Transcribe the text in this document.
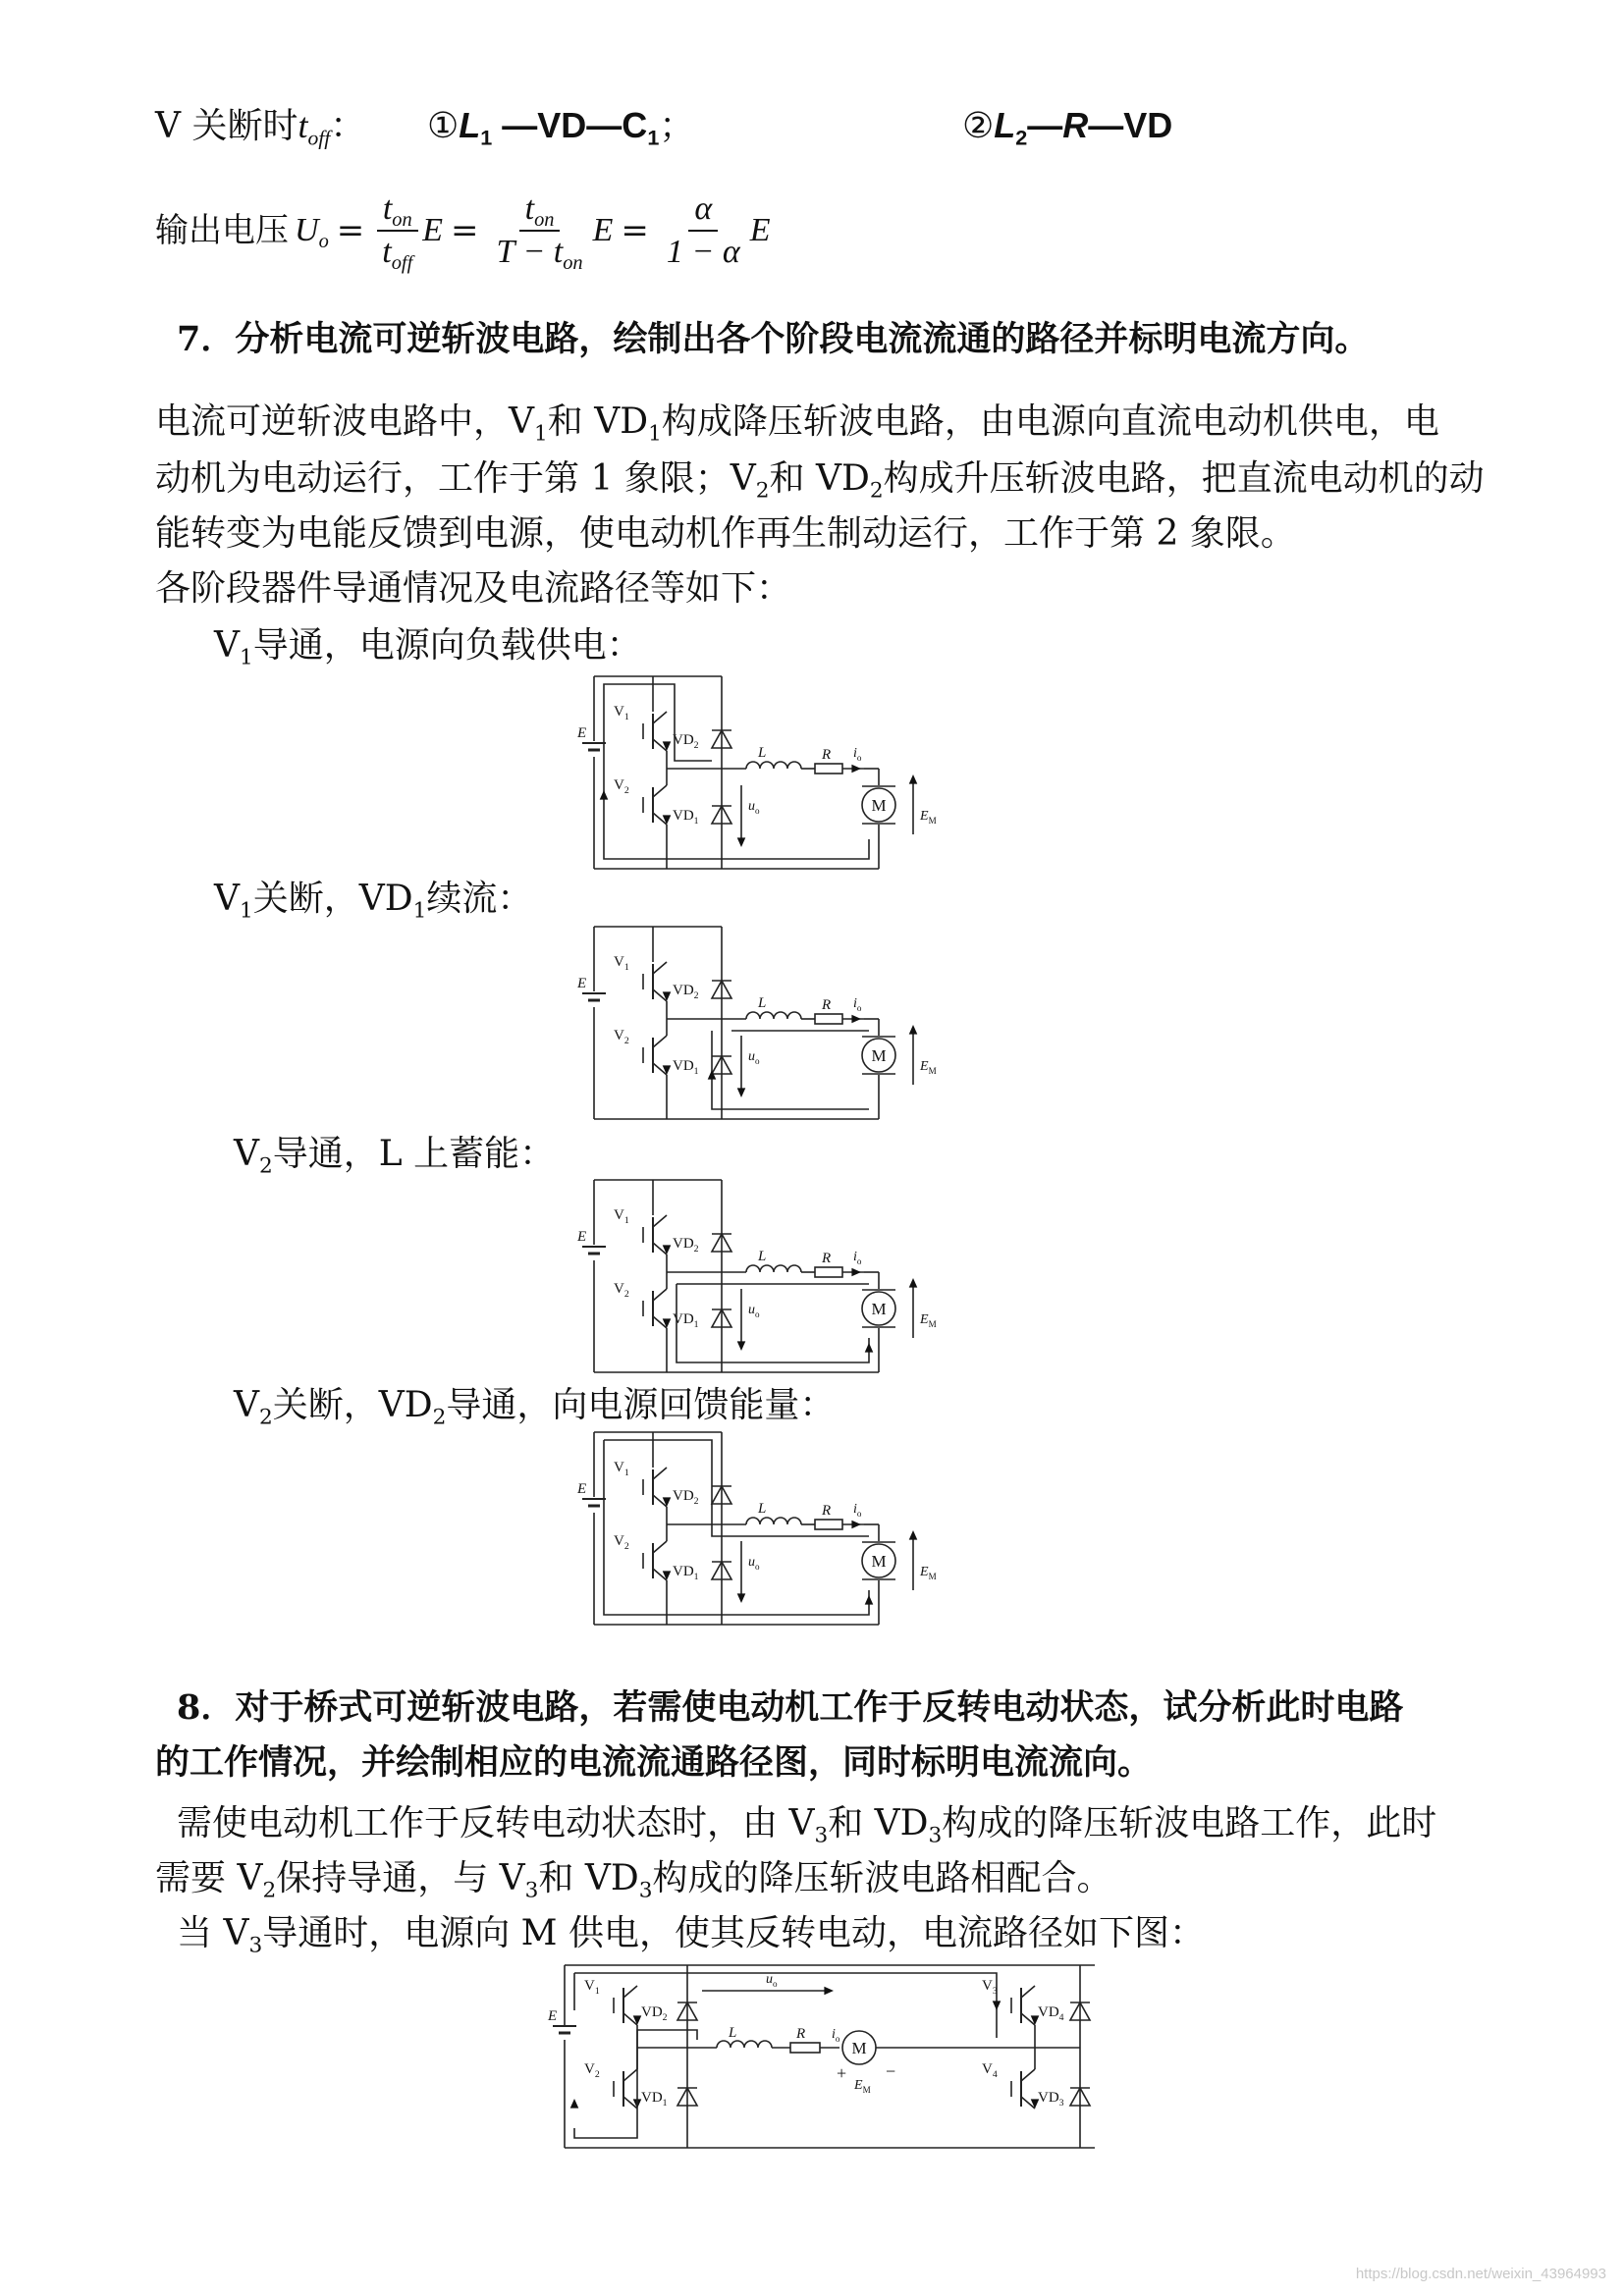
V 关断时$t_{off}$： $①L_1$ $—VD—C_1$；	$②L_2—R—VD$
输出电压 $U_o = \frac{t_{on}}{t_{off}}$ $E = \frac{t_{on}}{T - t_{on}}$ $E = \frac{\alpha}{1 - \alpha}$ E
7．分析电流可逆斩波电路，绘制出各个阶段电流流通的路径并标明电流方向。
电流可逆斩波电路中，$V_1$和 $VD_1$构成降压斩波电路，由电源向直流电动机供电，电
动机为电动运行，工作于第 1 象限；$V_2$和 $VD_2$构成升压斩波电路，把直流电动机的动
能转变为电能反馈到电源，使电动机作再生制动运行，工作于第 2 象限。
各阶段器件导通情况及电流路径等如下：
$V_1$导通，电源向负载供电：
$V_1$关断，$VD_1$续流：
$V_2$导通，L 上蓄能：
$V_2$关断，$VD_2$导通，向电源回馈能量：
E
$V_1$
$V_2$
$VD_2$
$VD_1$
L	R $i_o$
M
$u_o$	$E_M$
E
$V_1$
$V_2$
$VD_2$
$VD_1$
L	R $i_o$
M
$u_o$	$E_M$
E
$V_1$
$V_2$
$VD_2$
$VD_1$
L	R $i_o$
M
$u_o$	$E_M$
E
$V_1$
$V_2$
$VD_2$
$VD_1$
L	R $i_o$
M
$u_o$	$E_M$
8．对于桥式可逆斩波电路，若需使电动机工作于反转电动状态，试分析此时电路
的工作情况，并绘制相应的电流流通路径图，同时标明电流流向。
需使电动机工作于反转电动状态时，由 $V_3$和 $VD_3$构成的降压斩波电路工作，此时
需要 $V_2$保持导通，与 $V_3$和 $VD_3$构成的降压斩波电路相配合。
当 $V_3$导通时，电源向 M 供电，使其反转电动，电流路径如下图：
E
$V_1$
$V_2$
$VD_2$
$VD_1$
$V_3$
$V_4$
$VD_4$
$VD_3$
L	R $i_o$ M
+ −
$E_M$
$u_o$
https://blog.csdn.net/weixin_43964993
